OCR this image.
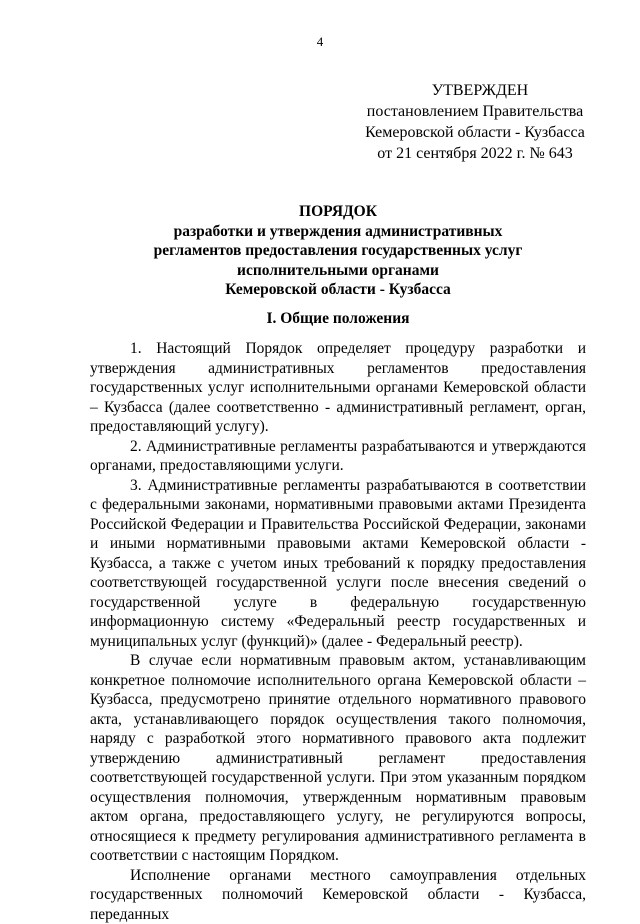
4
УТВЕРЖДЕН
постановлением Правительства
Кемеровской области - Кузбасса
от 21 сентября 2022 г. № 643
ПОРЯДОК
разработки и утверждения административных
регламентов предоставления государственных услуг
исполнительными органами
Кемеровской области - Кузбасса
I. Общие положения

1. Настоящий Порядок определяет процедуру разработки и утверждения административных регламентов предоставления государственных услуг исполнительными органами Кемеровской области – Кузбасса (далее соответственно - административный регламент, орган, предоставляющий услугу).

2. Административные регламенты разрабатываются и утверждаются органами, предоставляющими услуги.

3. Административные регламенты разрабатываются в соответствии с федеральными законами, нормативными правовыми актами Президента Российской Федерации и Правительства Российской Федерации, законами и иными нормативными правовыми актами Кемеровской области - Кузбасса, а также с учетом иных требований к порядку предоставления соответствующей государственной услуги после внесения сведений о государственной услуге в федеральную государственную информационную систему «Федеральный реестр государственных и муниципальных услуг (функций)» (далее - Федеральный реестр).

В случае если нормативным правовым актом, устанавливающим конкретное полномочие исполнительного органа Кемеровской области – Кузбасса, предусмотрено принятие отдельного нормативного правового акта, устанавливающего порядок осуществления такого полномочия, наряду с разработкой этого нормативного правового акта подлежит утверждению административный регламент предоставления соответствующей государственной услуги. При этом указанным порядком осуществления полномочия, утвержденным нормативным правовым актом органа, предоставляющего услугу, не регулируются вопросы, относящиеся к предмету регулирования административного регламента в соответствии с настоящим Порядком.

Исполнение органами местного самоуправления отдельных государственных полномочий Кемеровской области - Кузбасса, переданных
